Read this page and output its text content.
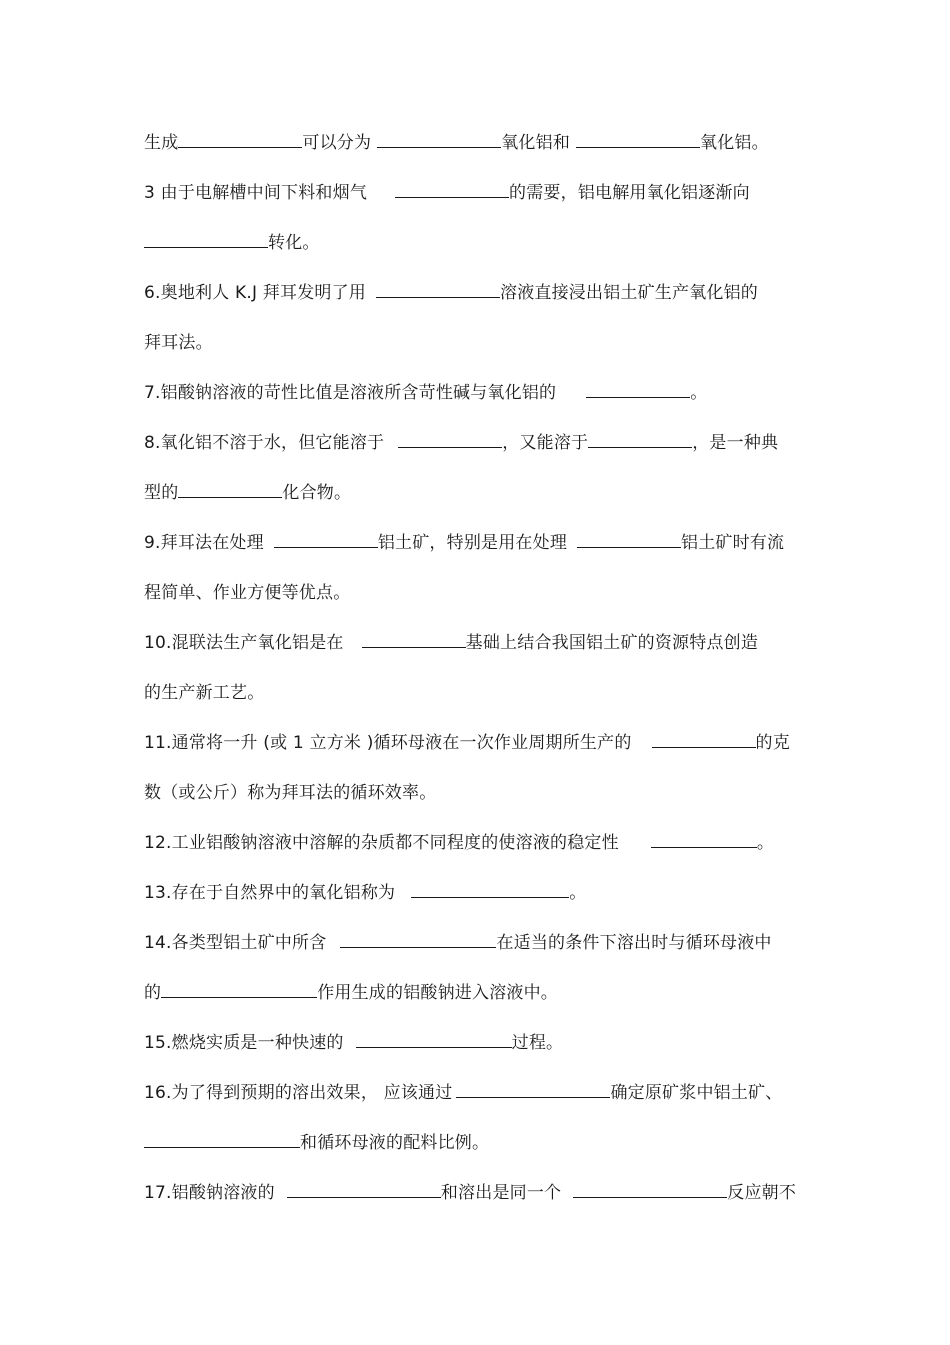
生成	可以分为	氧化铝和	氧化铝。
3 由于电解槽中间下料和烟气	的需要，铝电解用氧化铝逐渐向
转化。
6.奥地利人 K.J 拜耳发明了用	溶液直接浸出铝土矿生产氧化铝的
拜耳法。
7.铝酸钠溶液的苛性比值是溶液所含苛性碱与氧化铝的	。
8.氧化铝不溶于水，但它能溶于	，又能溶于	，是一种典
型的	化合物。
9.拜耳法在处理	铝土矿，特别是用在处理	铝土矿时有流
程简单、作业方便等优点。
10.混联法生产氧化铝是在	基础上结合我国铝土矿的资源特点创造
的生产新工艺。
11.通常将一升 (或 1 立方米 )循环母液在一次作业周期所生产的	的克
数（或公斤）称为拜耳法的循环效率。
12.工业铝酸钠溶液中溶解的杂质都不同程度的使溶液的稳定性	。
13.存在于自然界中的氧化铝称为	。
14.各类型铝土矿中所含	在适当的条件下溶出时与循环母液中
的	作用生成的铝酸钠进入溶液中。
15.燃烧实质是一种快速的	过程。
16.为了得到预期的溶出效果， 应该通过	确定原矿浆中铝土矿、
和循环母液的配料比例。
17.铝酸钠溶液的	和溶出是同一个	反应朝不
